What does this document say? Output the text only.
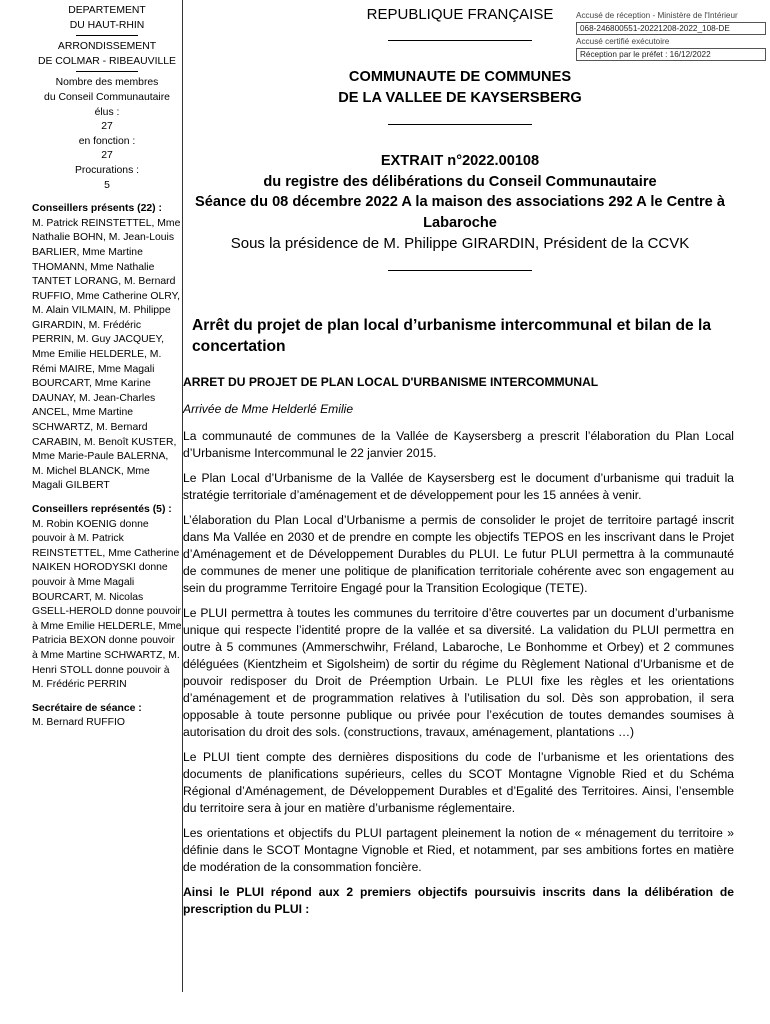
DEPARTEMENT

DU HAUT-RHIN

ARRONDISSEMENT

DE COLMAR - RIBEAUVILLE

Nombre des membres

du Conseil Communautaire

élus :

27

en fonction :

27

Procurations :

5

Conseillers présents (22) :

M. Patrick REINSTETTEL, Mme Nathalie BOHN, M. Jean-Louis BARLIER, Mme Martine THOMANN, Mme Nathalie TANTET LORANG, M. Bernard RUFFIO, Mme Catherine OLRY, M. Alain VILMAIN, M. Philippe GIRARDIN, M. Frédéric PERRIN, M. Guy JACQUEY, Mme Emilie HELDERLE, M. Rémi MAIRE, Mme Magali BOURCART, Mme Karine DAUNAY, M. Jean-Charles ANCEL, Mme Martine SCHWARTZ, M. Bernard CARABIN, M. Benoît KUSTER, Mme Marie-Paule BALERNA, M. Michel BLANCK, Mme Magali GILBERT

Conseillers représentés (5) :

M. Robin KOENIG donne pouvoir à M. Patrick REINSTETTEL, Mme Catherine NAIKEN HORODYSKI donne pouvoir à Mme Magali BOURCART, M. Nicolas GSELL-HEROLD donne pouvoir à Mme Emilie HELDERLE, Mme Patricia BEXON donne pouvoir à Mme Martine SCHWARTZ, M. Henri STOLL donne pouvoir à M. Frédéric PERRIN

Secrétaire de séance :

M. Bernard RUFFIO

Accusé de réception - Ministère de l'Intérieur
068-246800551-20221208-2022_108-DE
Accusé certifié exécutoire
Réception par le préfet : 16/12/2022
REPUBLIQUE FRANÇAISE
COMMUNAUTE DE COMMUNES
DE LA VALLEE DE KAYSERSBERG
EXTRAIT n°2022.00108
du registre des délibérations du Conseil Communautaire
Séance du 08 décembre 2022 A la maison des associations 292 A le Centre à Labaroche
Sous la présidence de M. Philippe GIRARDIN, Président de la CCVK
Arrêt du projet de plan local d’urbanisme intercommunal et bilan de la concertation

ARRET DU PROJET DE PLAN LOCAL D'URBANISME INTERCOMMUNAL

Arrivée de Mme Helderlé Emilie

La communauté de communes de la Vallée de Kaysersberg a prescrit l’élaboration du Plan Local d’Urbanisme Intercommunal le 22 janvier 2015.

Le Plan Local d’Urbanisme de la Vallée de Kaysersberg est le document d’urbanisme qui traduit la stratégie territoriale d’aménagement et de développement pour les 15 années à venir.

L’élaboration du Plan Local d’Urbanisme a permis de consolider le projet de territoire partagé inscrit dans Ma Vallée en 2030 et de prendre en compte les objectifs TEPOS en les inscrivant dans le Projet d’Aménagement et de Développement Durables du PLUI. Le futur PLUI permettra à la communauté de communes de mener une politique de planification territoriale cohérente avec son engagement au sein du programme Territoire Engagé pour la Transition Ecologique (TETE).

Le PLUI permettra à toutes les communes du territoire d’être couvertes par un document d’urbanisme unique qui respecte l’identité propre de la vallée et sa diversité. La validation du PLUI permettra en outre à 5 communes (Ammerschwihr, Fréland, Labaroche, Le Bonhomme et Orbey) et 2 communes déléguées (Kientzheim et Sigolsheim) de sortir du régime du Règlement National d’Urbanisme et de pouvoir redisposer du Droit de Préemption Urbain. Le PLUI fixe les règles et les orientations d’aménagement et de programmation relatives à l’utilisation du sol. Dès son approbation, il sera opposable à toute personne publique ou privée pour l’exécution de toutes demandes soumises à autorisation du droit des sols. (constructions, travaux, aménagement, plantations …)

Le PLUI tient compte des dernières dispositions du code de l’urbanisme et les orientations des documents de planifications supérieurs, celles du SCOT Montagne Vignoble Ried et du Schéma Régional d’Aménagement, de Développement Durables et d’Egalité des Territoires. Ainsi, l’ensemble du territoire sera à jour en matière d’urbanisme réglementaire.

Les orientations et objectifs du PLUI partagent pleinement la notion de « ménagement du territoire » définie dans le SCOT Montagne Vignoble et Ried, et notamment, par ses ambitions fortes en matière de modération de la consommation foncière.

Ainsi le PLUI répond aux 2 premiers objectifs poursuivis inscrits dans la délibération de prescription du PLUI :
